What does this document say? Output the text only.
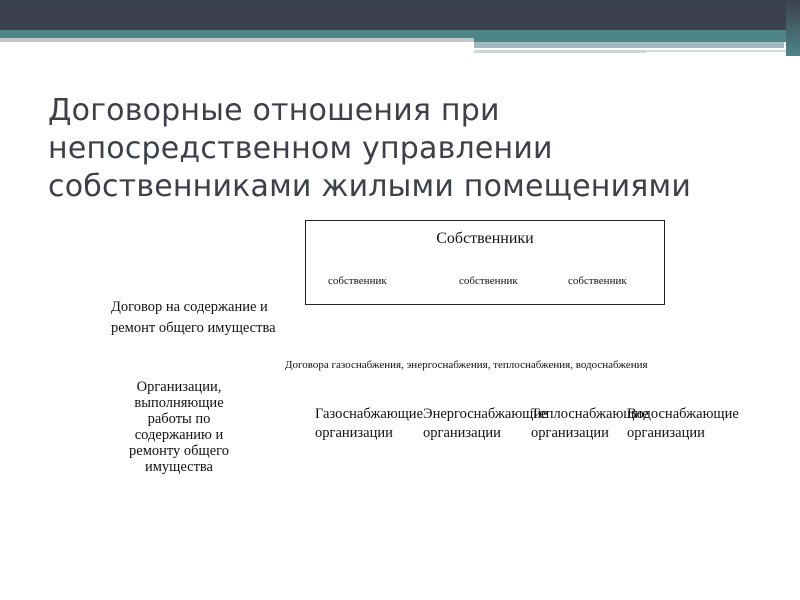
Договорные отношения при непосредственном управлении собственниками жилыми помещениями
Собственники
собственник	собственник	собственник
Договор на содержание и ремонт общего имущества
Договора газоснабжения, энергоснабжения, теплоснабжения, водоснабжения
Организации, выполняющие работы по содержанию и ремонту общего имущества
Газоснабжающие организации
Энергоснабжающие организации
Теплоснабжающие организации
Водоснабжающие организации
